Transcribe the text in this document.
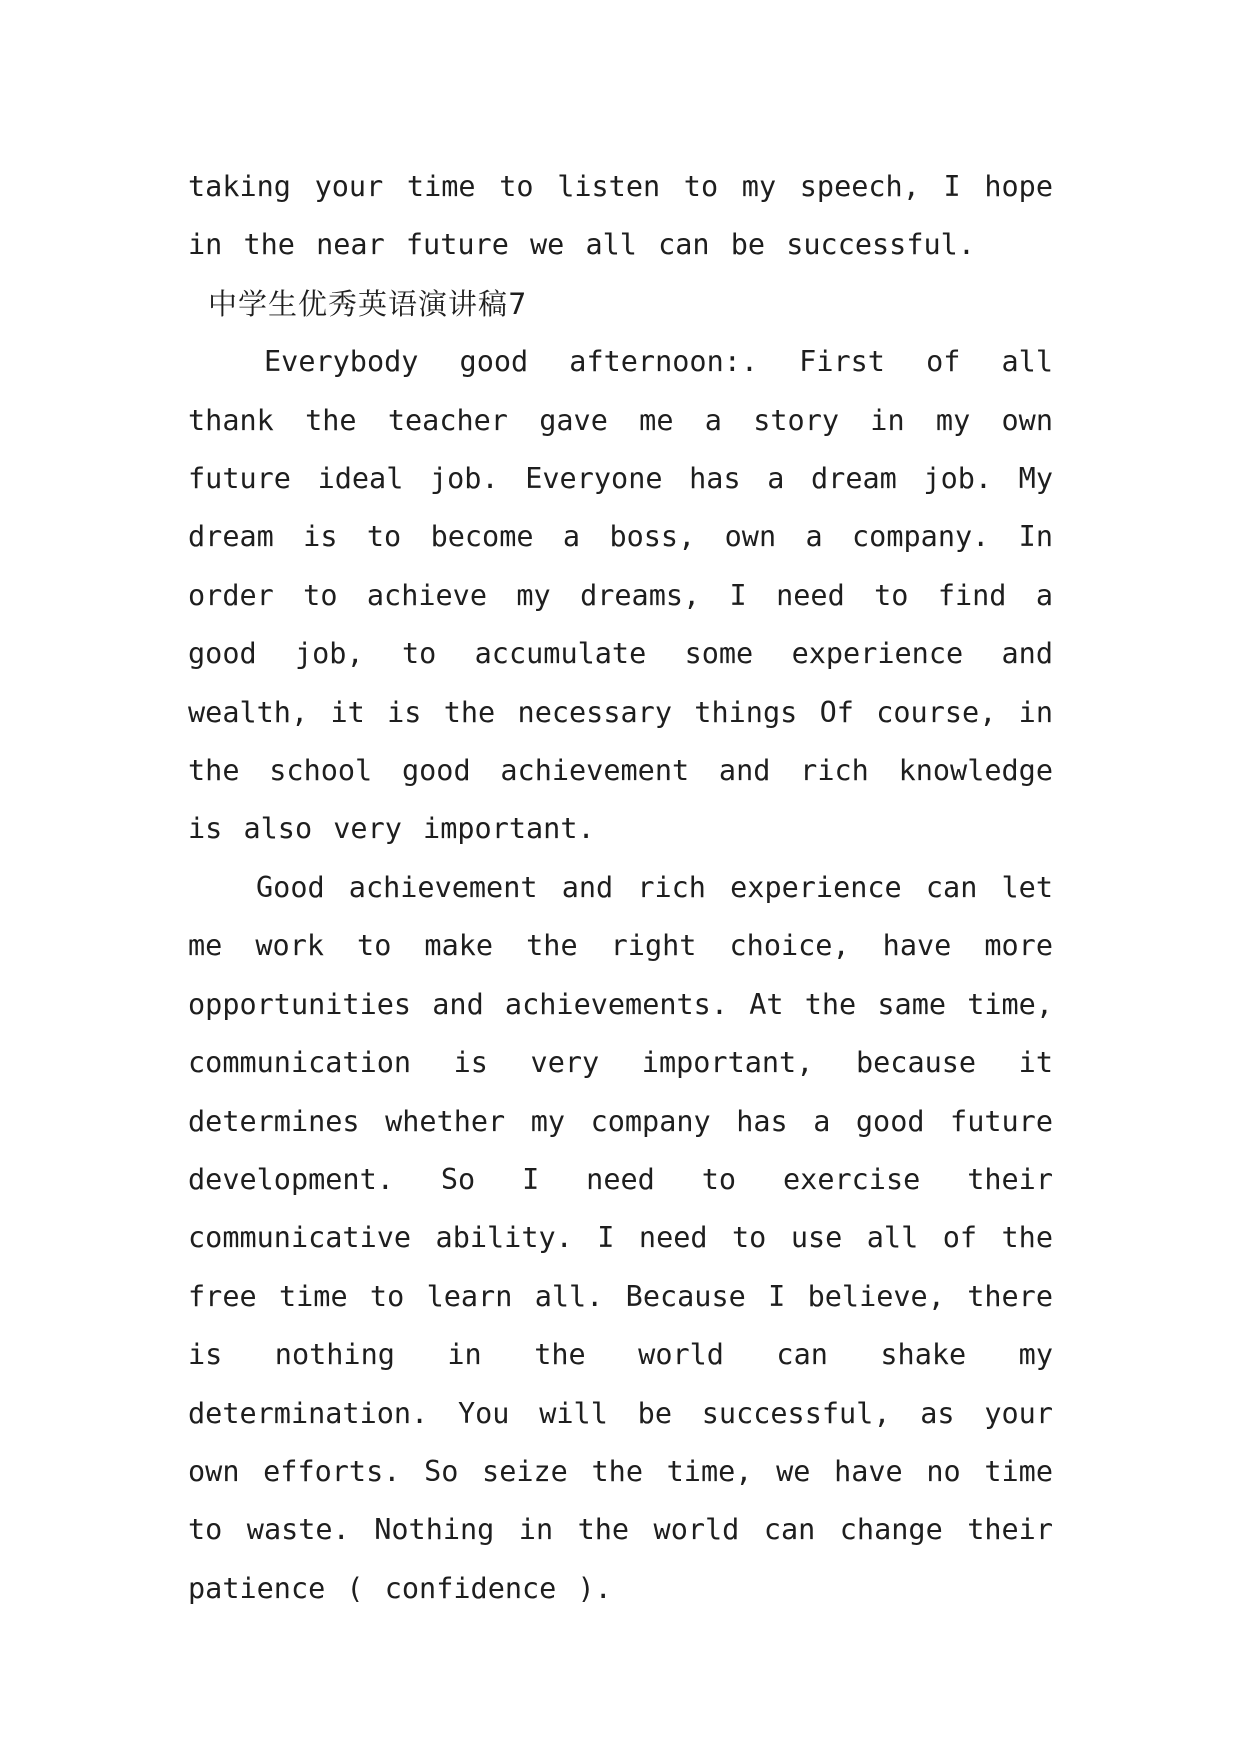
taking your time to listen to my speech, I hope in the near future we all can be successful.

中学生优秀英语演讲稿7

Everybody good afternoon:. First of all thank the teacher gave me a story in my own future ideal job. Everyone has a dream job. My dream is to become a boss, own a company. In order to achieve my dreams, I need to find a good job, to accumulate some experience and wealth, it is the necessary things Of course, in the school good achievement and rich knowledge is also very important.

Good achievement and rich experience can let me work to make the right choice, have more opportunities and achievements. At the same time, communication is very important, because it determines whether my company has a good future development. So I need to exercise their communicative ability. I need to use all of the free time to learn all. Because I believe, there is nothing in the world can shake my determination. You will be successful, as your own efforts. So seize the time, we have no time to waste. Nothing in the world can change their patience ( confidence ).
